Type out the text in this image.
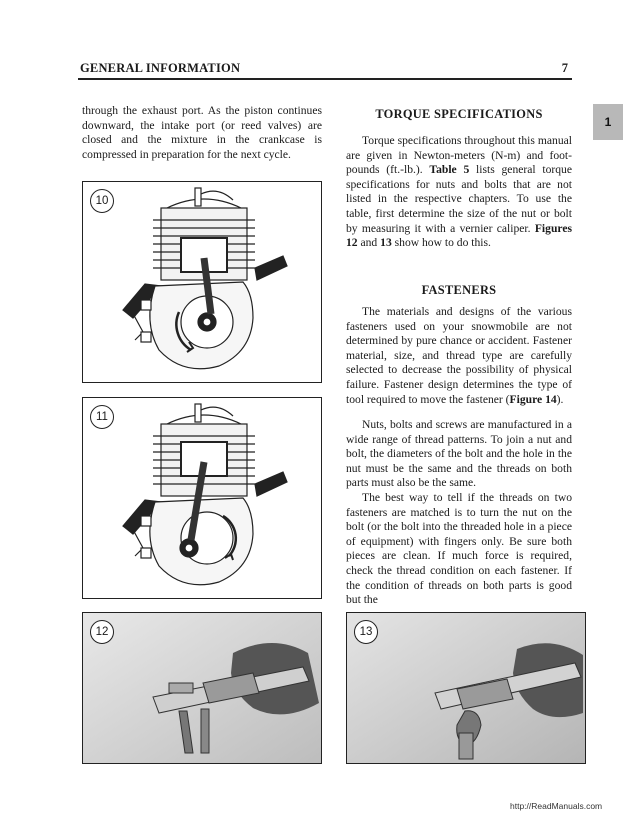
GENERAL INFORMATION	7
1

through the exhaust port. As the piston continues downward, the intake port (or reed valves) are closed and the mixture in the crankcase is compressed in preparation for the next cycle.

10
11
TORQUE SPECIFICATIONS

Torque specifications throughout this manual are given in Newton-meters (N-m) and foot-pounds (ft.-lb.). Table 5 lists general torque specifications for nuts and bolts that are not listed in the respective chapters. To use the table, first determine the size of the nut or bolt by measuring it with a vernier caliper. Figures 12 and 13 show how to do this.

FASTENERS

The materials and designs of the various fasteners used on your snowmobile are not determined by pure chance or accident. Fastener material, size, and thread type are carefully selected to decrease the possibility of physical failure. Fastener design determines the type of tool required to move the fastener (Figure 14).

Nuts, bolts and screws are manufactured in a wide range of thread patterns. To join a nut and bolt, the diameters of the bolt and the hole in the nut must be the same and the threads on both parts must also be the same.

The best way to tell if the threads on two fasteners are matched is to turn the nut on the bolt (or the bolt into the threaded hole in a piece of equipment) with fingers only. Be sure both pieces are clean. If much force is required, check the thread condition on each fastener. If the condition of threads on both parts is good but the

12	13
http://ReadManuals.com
